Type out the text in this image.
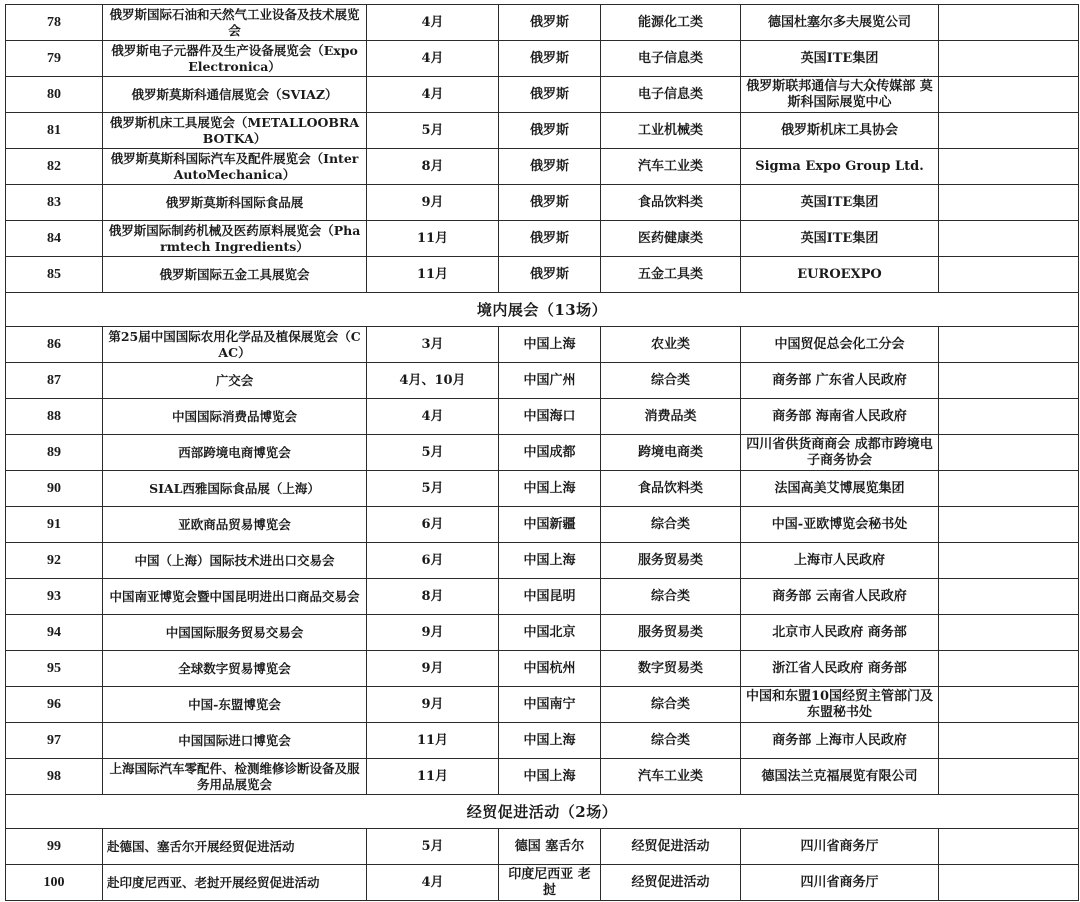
78	俄罗斯国际石油和天然气工业设备及技术展览会	4月	俄罗斯	能源化工类	德国杜塞尔多夫展览公司	
79	俄罗斯电子元器件及生产设备展览会（ExpoElectronica）	4月	俄罗斯	电子信息类	英国ITE集团	
80	俄罗斯莫斯科通信展览会（SVIAZ）	4月	俄罗斯	电子信息类	俄罗斯联邦通信与大众传媒部 莫斯科国际展览中心	
81	俄罗斯机床工具展览会（METALLOOBRABOTKA）	5月	俄罗斯	工业机械类	俄罗斯机床工具协会	
82	俄罗斯莫斯科国际汽车及配件展览会（InterAutoMechanica）	8月	俄罗斯	汽车工业类	Sigma Expo Group Ltd.	
83	俄罗斯莫斯科国际食品展	9月	俄罗斯	食品饮料类	英国ITE集团	
84	俄罗斯国际制药机械及医药原料展览会（Pharmtech Ingredients）	11月	俄罗斯	医药健康类	英国ITE集团	
85	俄罗斯国际五金工具展览会	11月	俄罗斯	五金工具类	EUROEXPO	
境内展会（13场）						
86	第25届中国国际农用化学品及植保展览会（CAC）	3月	中国上海	农业类	中国贸促总会化工分会	
87	广交会	4月、10月	中国广州	综合类	商务部 广东省人民政府	
88	中国国际消费品博览会	4月	中国海口	消费品类	商务部 海南省人民政府	
89	西部跨境电商博览会	5月	中国成都	跨境电商类	四川省供货商商会 成都市跨境电子商务协会	
90	SIAL西雅国际食品展（上海）	5月	中国上海	食品饮料类	法国高美艾博展览集团	
91	亚欧商品贸易博览会	6月	中国新疆	综合类	中国-亚欧博览会秘书处	
92	中国（上海）国际技术进出口交易会	6月	中国上海	服务贸易类	上海市人民政府	
93	中国南亚博览会暨中国昆明进出口商品交易会	8月	中国昆明	综合类	商务部 云南省人民政府	
94	中国国际服务贸易交易会	9月	中国北京	服务贸易类	北京市人民政府 商务部	
95	全球数字贸易博览会	9月	中国杭州	数字贸易类	浙江省人民政府 商务部	
96	中国-东盟博览会	9月	中国南宁	综合类	中国和东盟10国经贸主管部门及东盟秘书处	
97	中国国际进口博览会	11月	中国上海	综合类	商务部 上海市人民政府	
98	上海国际汽车零配件、检测维修诊断设备及服务用品展览会	11月	中国上海	汽车工业类	德国法兰克福展览有限公司	
经贸促进活动（2场）						
99	赴德国、塞舌尔开展经贸促进活动	5月	德国 塞舌尔	经贸促进活动	四川省商务厅	
100	赴印度尼西亚、老挝开展经贸促进活动	4月	印度尼西亚 老挝	经贸促进活动	四川省商务厅	
